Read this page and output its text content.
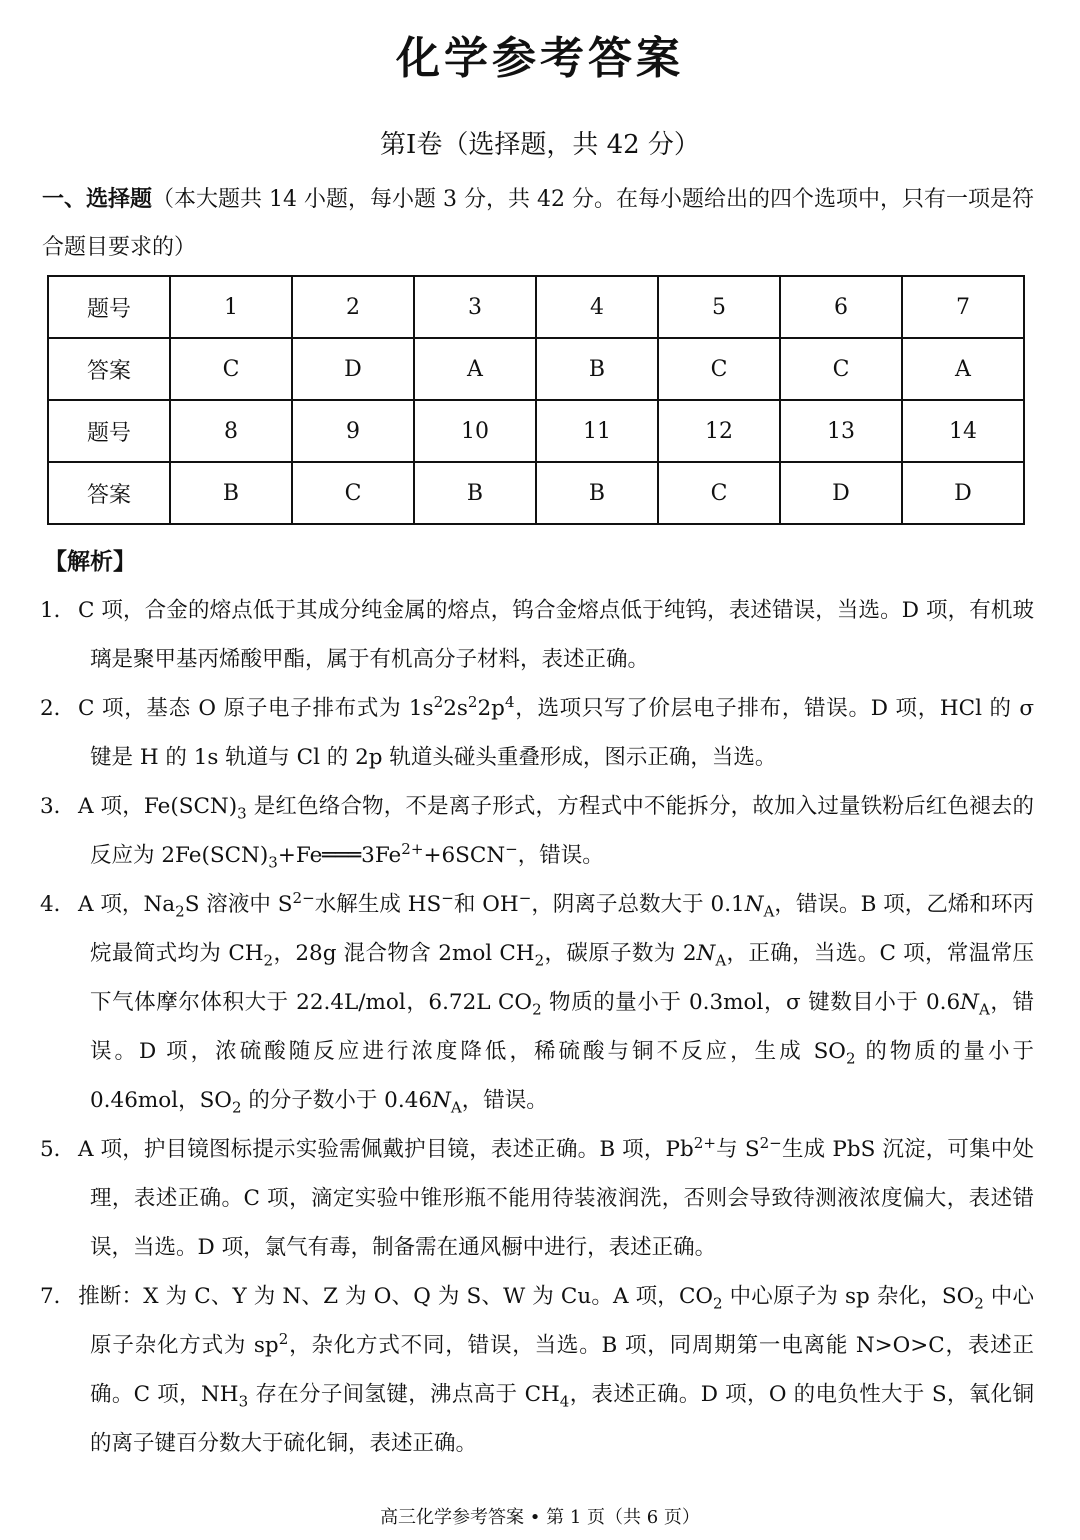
化学参考答案
第Ⅰ卷（选择题，共 42 分）
一、选择题（本大题共 14 小题，每小题 3 分，共 42 分。在每小题给出的四个选项中，只有一项是符合题目要求的）
题号	1	2	3	4	5	6	7
答案	C	D	A	B	C	C	A
题号	8	9	10	11	12	13	14
答案	B	C	B	B	C	D	D
【解析】
1． C 项，合金的熔点低于其成分纯金属的熔点，钨合金熔点低于纯钨，表述错误，当选。D 项，有机玻璃是聚甲基丙烯酸甲酯，属于有机高分子材料，表述正确。
2． C 项，基态 O 原子电子排布式为 $1s^22s^22p^4$，选项只写了价层电子排布，错误。D 项，HCl 的 σ 键是 H 的 1s 轨道与 Cl 的 2p 轨道头碰头重叠形成，图示正确，当选。
3． A 项，$Fe(SCN)_3$ 是红色络合物，不是离子形式，方程式中不能拆分，故加入过量铁粉后红色褪去的反应为 $2Fe(SCN)_3+Fe═══3Fe^{2+}+6SCN^-$，错误。
4． A 项，$Na_2S$ 溶液中 $S^{2-}$水解生成 HS−和 OH−，阴离子总数大于 $0.1N_A$，错误。B 项，乙烯和环丙烷最简式均为 $CH_2$，28g 混合物含 2mol $CH_2$，碳原子数为 $2N_A$，正确，当选。C 项，常温常压下气体摩尔体积大于 22.4L/mol，6.72L $CO_2$ 物质的量小于 0.3mol，σ 键数目小于 $0.6N_A$，错误。D 项，浓硫酸随反应进行浓度降低，稀硫酸与铜不反应，生成 $SO_2$ 的物质的量小于 0.46mol，$SO_2$ 的分子数小于 $0.46N_A$，错误。
5． A 项，护目镜图标提示实验需佩戴护目镜，表述正确。B 项，$Pb^{2+}$与 $S^{2-}$生成 PbS 沉淀，可集中处理，表述正确。C 项，滴定实验中锥形瓶不能用待装液润洗，否则会导致待测液浓度偏大，表述错误，当选。D 项，氯气有毒，制备需在通风橱中进行，表述正确。
7． 推断：X 为 C、Y 为 N、Z 为 O、Q 为 S、W 为 Cu。A 项，$CO_2$ 中心原子为 sp 杂化，$SO_2$ 中心原子杂化方式为 $sp^2$，杂化方式不同，错误，当选。B 项，同周期第一电离能 N>O>C，表述正确。C 项，$NH_3$ 存在分子间氢键，沸点高于 $CH_4$，表述正确。D 项，O 的电负性大于 S，氧化铜的离子键百分数大于硫化铜，表述正确。
高三化学参考答案 • 第 1 页（共 6 页）
